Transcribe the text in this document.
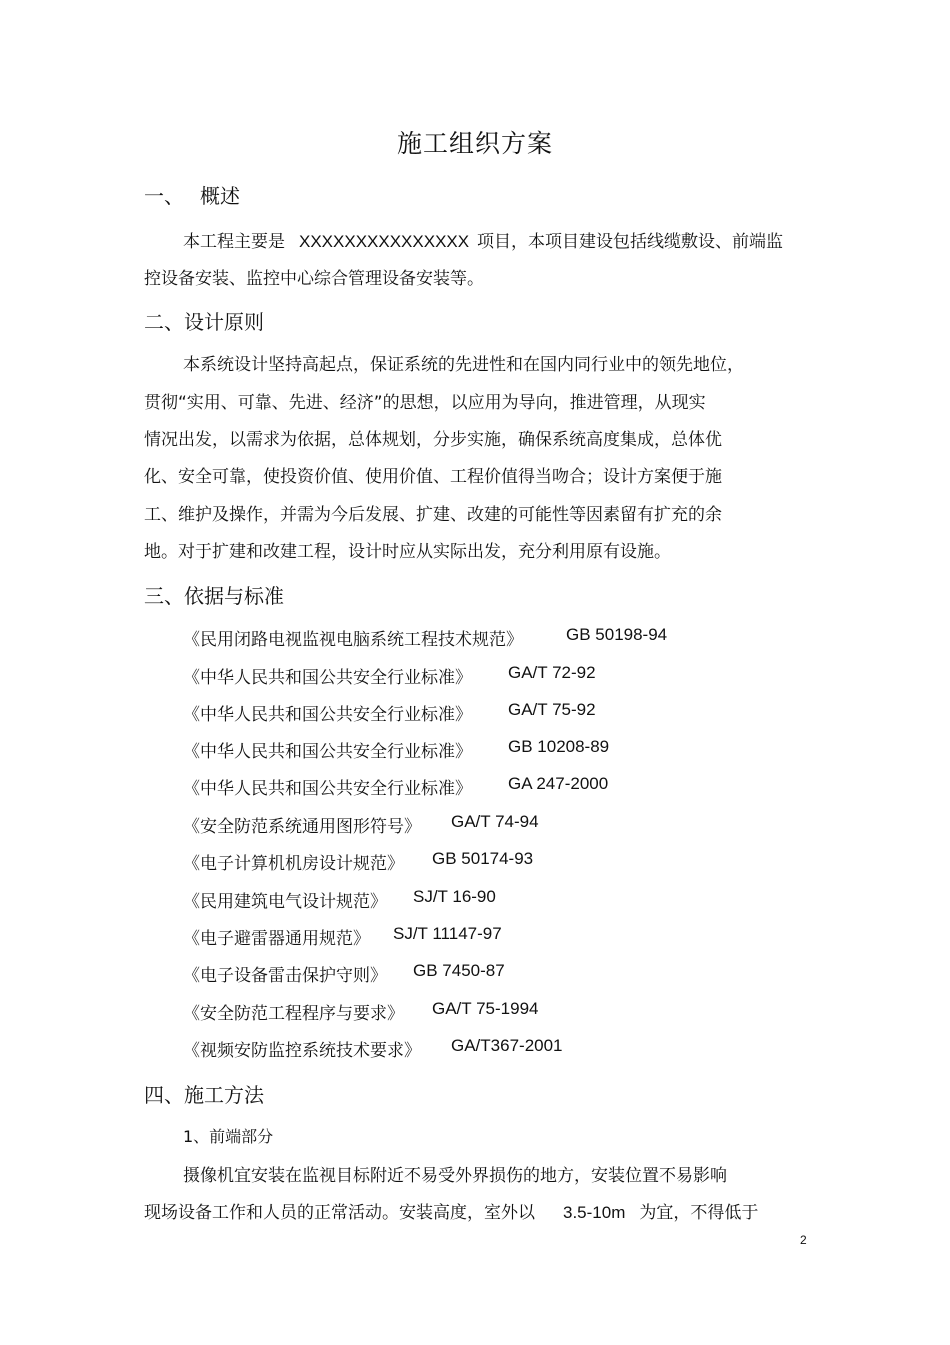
施工组织方案
一、 概述
本工程主要是 XXXXXXXXXXXXXXX 项目，本项目建设包括线缆敷设、前端监
控设备安装、监控中心综合管理设备安装等。
二、设计原则
本系统设计坚持高起点，保证系统的先进性和在国内同行业中的领先地位，
贯彻“实用、可靠、先进、经济”的思想，以应用为导向，推进管理，从现实
情况出发，以需求为依据，总体规划，分步实施，确保系统高度集成，总体优
化、安全可靠，使投资价值、使用价值、工程价值得当吻合；设计方案便于施
工、维护及操作，并需为今后发展、扩建、改建的可能性等因素留有扩充的余
地。对于扩建和改建工程，设计时应从实际出发，充分利用原有设施。
三、依据与标准
《民用闭路电视监视电脑系统工程技术规范》	GB 50198-94
《中华人民共和国公共安全行业标准》 GA/T 72-92
《中华人民共和国公共安全行业标准》 GA/T 75-92
《中华人民共和国公共安全行业标准》 GB 10208-89
《中华人民共和国公共安全行业标准》 GA 247-2000
《安全防范系统通用图形符号》 GA/T 74-94
《电子计算机机房设计规范》 GB 50174-93
《民用建筑电气设计规范》 SJ/T 16-90
《电子避雷器通用规范》 SJ/T 11147-97
《电子设备雷击保护守则》 GB 7450-87
《安全防范工程程序与要求》 GA/T 75-1994
《视频安防监控系统技术要求》 GA/T367-2001
四、施工方法
1、前端部分
摄像机宜安装在监视目标附近不易受外界损伤的地方，安装位置不易影响
现场设备工作和人员的正常活动。安装高度，室外以 3.5-10m 为宜，不得低于
2
